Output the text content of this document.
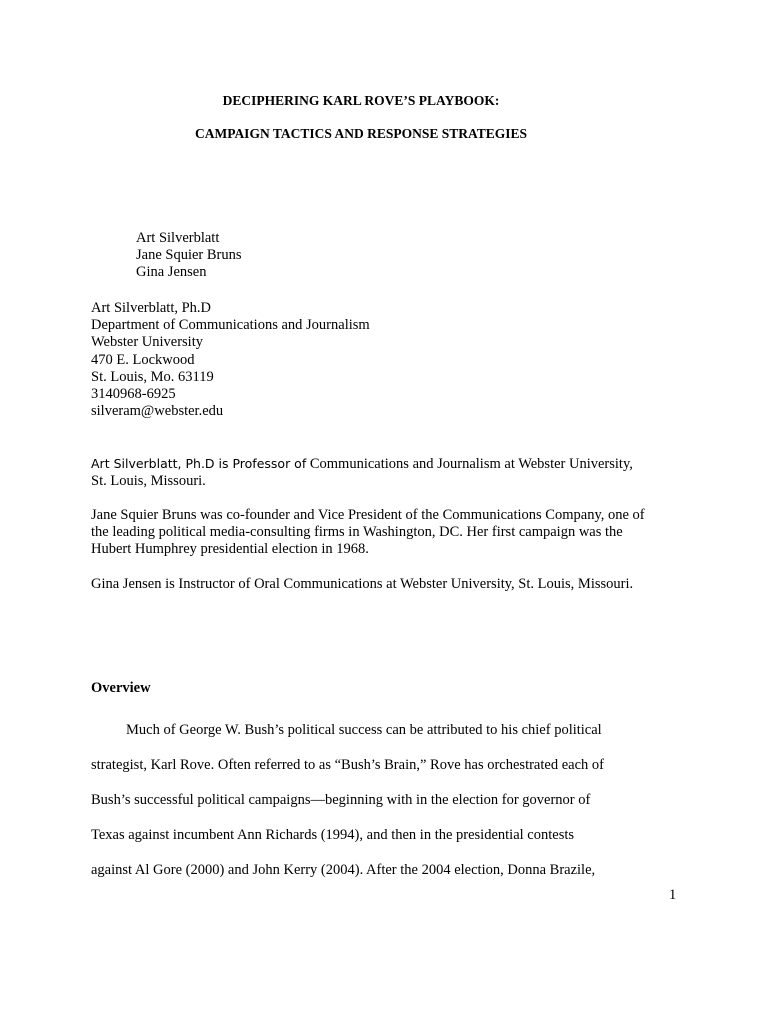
DECIPHERING KARL ROVE’S PLAYBOOK:
CAMPAIGN TACTICS AND RESPONSE STRATEGIES
Art Silverblatt
Jane Squier Bruns
Gina Jensen
Art Silverblatt, Ph.D
Department of Communications and Journalism
Webster University
470 E. Lockwood
St. Louis, Mo. 63119
3140968-6925
silveram@webster.edu
Art Silverblatt, Ph.D is Professor of Communications and Journalism at Webster University, St. Louis, Missouri.
Jane Squier Bruns was co-founder and Vice President of the Communications Company, one of the leading political media-consulting firms in Washington, DC. Her first campaign was the Hubert Humphrey presidential election in 1968.
Gina Jensen is Instructor of Oral Communications at Webster University, St. Louis, Missouri.
Overview
Much of George W. Bush’s political success can be attributed to his chief political
strategist, Karl Rove. Often referred to as “Bush’s Brain,” Rove has orchestrated each of
Bush’s successful political campaigns—beginning with in the election for governor of
Texas against incumbent Ann Richards (1994), and then in the presidential contests
against Al Gore (2000) and John Kerry (2004). After the 2004 election, Donna Brazile,
1
